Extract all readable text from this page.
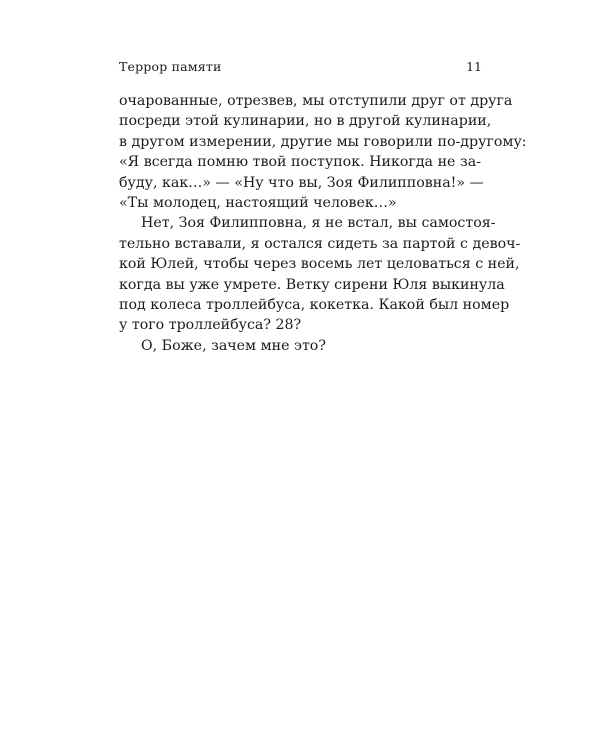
Террор памяти	11
очарованные, отрезвев, мы отступили друг от друга
посреди этой кулинарии, но в другой кулинарии,
в другом измерении, другие мы говорили по-другому:
«Я всегда помню твой поступок. Никогда не за-
буду, как…» — «Ну что вы, Зоя Филипповна!» —
«Ты молодец, настоящий человек…»
Нет, Зоя Филипповна, я не встал, вы самостоя-
тельно вставали, я остался сидеть за партой с девоч-
кой Юлей, чтобы через восемь лет целоваться с ней,
когда вы уже умрете. Ветку сирени Юля выкинула
под колеса троллейбуса, кокетка. Какой был номер
у того троллейбуса? 28?
О, Боже, зачем мне это?
